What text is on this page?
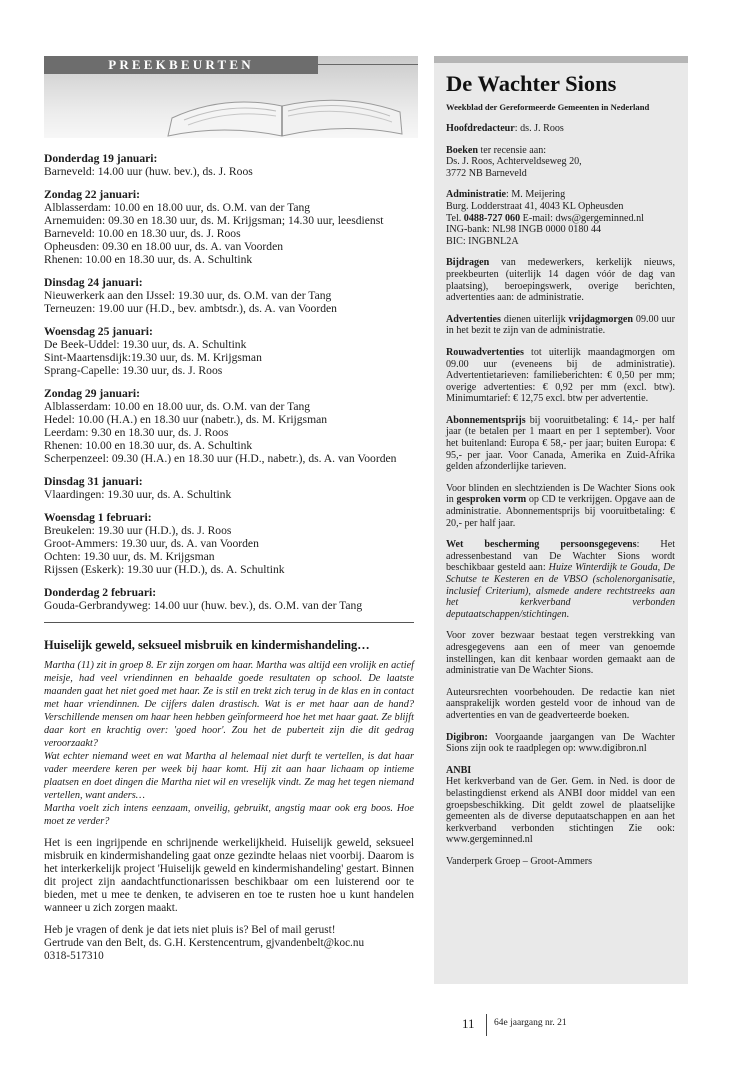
PREEKBEURTEN
Donderdag 19 januari:
Barneveld: 14.00 uur (huw. bev.), ds. J. Roos
Zondag 22 januari:
Alblasserdam: 10.00 en 18.00 uur, ds. O.M. van der Tang
Arnemuiden: 09.30 en 18.30 uur, ds. M. Krijgsman; 14.30 uur, leesdienst
Barneveld: 10.00 en 18.30 uur, ds. J. Roos
Opheusden: 09.30 en 18.00 uur, ds. A. van Voorden
Rhenen: 10.00 en 18.30 uur, ds. A. Schultink
Dinsdag 24 januari:
Nieuwerkerk aan den IJssel: 19.30 uur, ds. O.M. van der Tang
Terneuzen: 19.00 uur (H.D., bev. ambtsdr.), ds. A. van Voorden
Woensdag 25 januari:
De Beek-Uddel: 19.30 uur, ds. A. Schultink
Sint-Maartensdijk:19.30 uur, ds. M. Krijgsman
Sprang-Capelle: 19.30 uur, ds. J. Roos
Zondag 29 januari:
Alblasserdam: 10.00 en 18.00 uur, ds. O.M. van der Tang
Hedel: 10.00 (H.A.) en 18.30 uur (nabetr.), ds. M. Krijgsman
Leerdam: 9.30 en 18.30 uur, ds. J. Roos
Rhenen: 10.00 en 18.30 uur, ds. A. Schultink
Scherpenzeel: 09.30 (H.A.) en 18.30 uur (H.D., nabetr.), ds. A. van Voorden
Dinsdag 31 januari:
Vlaardingen: 19.30 uur, ds. A. Schultink
Woensdag 1 februari:
Breukelen: 19.30 uur (H.D.), ds. J. Roos
Groot-Ammers: 19.30 uur, ds. A. van Voorden
Ochten: 19.30 uur, ds. M. Krijgsman
Rijssen (Eskerk): 19.30 uur (H.D.), ds. A. Schultink
Donderdag 2 februari:
Gouda-Gerbrandyweg: 14.00 uur (huw. bev.), ds. O.M. van der Tang
Huiselijk geweld, seksueel misbruik en kindermishandeling…

Martha (11) zit in groep 8. Er zijn zorgen om haar. Martha was altijd een vrolijk en actief meisje, had veel vriendinnen en behaalde goede resultaten op school. De laatste maanden gaat het niet goed met haar. Ze is stil en trekt zich terug in de klas en in contact met haar vriendinnen. De cijfers dalen drastisch. Wat is er met haar aan de hand? Verschillende mensen om haar heen hebben geïnformeerd hoe het met haar gaat. Ze blijft daar kort en krachtig over: 'goed hoor'. Zou het de puberteit zijn die dit gedrag veroorzaakt?

Wat echter niemand weet en wat Martha al helemaal niet durft te vertellen, is dat haar vader meerdere keren per week bij haar komt. Hij zit aan haar lichaam op intieme plaatsen en doet dingen die Martha niet wil en vreselijk vindt. Ze mag het tegen niemand vertellen, want anders…

Martha voelt zich intens eenzaam, onveilig, gebruikt, angstig maar ook erg boos. Hoe moet ze verder?

Het is een ingrijpende en schrijnende werkelijkheid. Huiselijk geweld, seksueel misbruik en kindermishandeling gaat onze gezindte helaas niet voorbij. Daarom is het interkerkelijk project 'Huiselijk geweld en kindermishandeling' gestart. Binnen dit project zijn aandachtfunctionarissen beschikbaar om een luisterend oor te bieden, met u mee te denken, te adviseren en toe te rusten hoe u kunt handelen wanneer u zich zorgen maakt.

Heb je vragen of denk je dat iets niet pluis is? Bel of mail gerust!
Gertrude van den Belt, ds. G.H. Kerstencentrum, gjvandenbelt@koc.nu
0318-517310
De Wachter Sions
Weekblad der Gereformeerde Gemeenten in Nederland
Hoofdredacteur: ds. J. Roos
Boeken ter recensie aan:
Ds. J. Roos, Achterveldseweg 20,
3772 NB Barneveld
Administratie: M. Meijering
Burg. Lodderstraat 41, 4043 KL Opheusden
Tel. 0488-727 060 E-mail: dws@gergeminned.nl
ING-bank: NL98 INGB 0000 0180 44
BIC: INGBNL2A
Bijdragen van medewerkers, kerkelijk nieuws, preekbeurten (uiterlijk 14 dagen vóór de dag van plaatsing), beroepingswerk, overige berichten, advertenties aan: de administratie.
Advertenties dienen uiterlijk vrijdagmorgen 09.00 uur in het bezit te zijn van de administratie.
Rouwadvertenties tot uiterlijk maandagmorgen om 09.00 uur (eveneens bij de administratie). Advertentietarieven: familieberichten: € 0,50 per mm; overige advertenties: € 0,92 per mm (excl. btw). Minimumtarief: € 12,75 excl. btw per advertentie.
Abonnementsprijs bij vooruitbetaling: € 14,- per half jaar (te betalen per 1 maart en per 1 september). Voor het buitenland: Europa € 58,- per jaar; buiten Europa: € 95,- per jaar. Voor Canada, Amerika en Zuid-Afrika gelden afzonderlijke tarieven.
Voor blinden en slechtzienden is De Wachter Sions ook in gesproken vorm op CD te verkrijgen. Opgave aan de administratie. Abonnementsprijs bij vooruitbetaling: € 20,- per half jaar.
Wet bescherming persoonsgegevens: Het adressenbestand van De Wachter Sions wordt beschikbaar gesteld aan: Huize Winterdijk te Gouda, De Schutse te Kesteren en de VBSO (scholenorganisatie, inclusief Criterium), alsmede andere rechtstreeks aan het kerkverband verbonden deputaatschappen/stichtingen.
Voor zover bezwaar bestaat tegen verstrekking van adresgegevens aan een of meer van genoemde instellingen, kan dit kenbaar worden gemaakt aan de administratie van De Wachter Sions.
Auteursrechten voorbehouden. De redactie kan niet aansprakelijk worden gesteld voor de inhoud van de advertenties en van de geadverteerde boeken.
Digibron: Voorgaande jaargangen van De Wachter Sions zijn ook te raadplegen op: www.digibron.nl
ANBI
Het kerkverband van de Ger. Gem. in Ned. is door de belastingdienst erkend als ANBI door middel van een groepsbeschikking. Dit geldt zowel de plaatselijke gemeenten als de diverse deputaatschappen en aan het kerkverband verbonden stichtingen Zie ook: www.gergeminned.nl
Vanderperk Groep – Groot-Ammers
11 64e jaargang nr. 21
